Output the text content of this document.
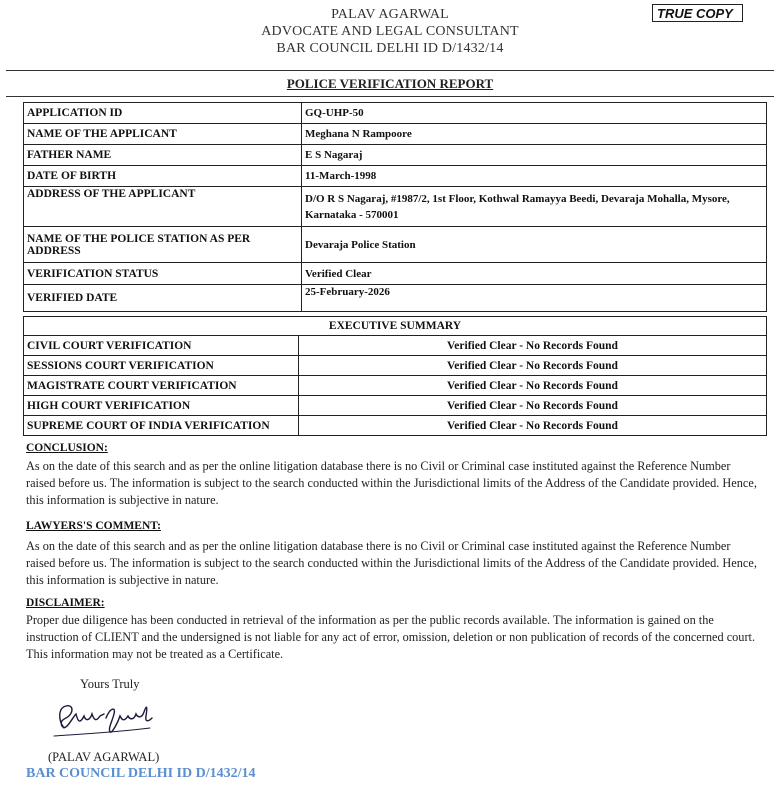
PALAV AGARWAL
ADVOCATE AND LEGAL CONSULTANT
BAR COUNCIL DELHI ID D/1432/14
TRUE COPY
POLICE VERIFICATION REPORT
APPLICATION ID	GQ-UHP-50
NAME OF THE APPLICANT	Meghana N Rampoore
FATHER NAME	E S Nagaraj
DATE OF BIRTH	11-March-1998
ADDRESS OF THE APPLICANT	D/O R S Nagaraj, #1987/2, 1st Floor, Kothwal Ramayya Beedi, Devaraja Mohalla, Mysore, Karnataka - 570001
NAME OF THE POLICE STATION AS PER ADDRESS	Devaraja Police Station
VERIFICATION STATUS	Verified Clear
VERIFIED DATE	25-February-2026
EXECUTIVE SUMMARY	
CIVIL COURT VERIFICATION	Verified Clear - No Records Found
SESSIONS COURT VERIFICATION	Verified Clear - No Records Found
MAGISTRATE COURT VERIFICATION	Verified Clear - No Records Found
HIGH COURT VERIFICATION	Verified Clear - No Records Found
SUPREME COURT OF INDIA VERIFICATION	Verified Clear - No Records Found
CONCLUSION:
As on the date of this search and as per the online litigation database there is no Civil or Criminal case instituted against the Reference Number raised before us. The information is subject to the search conducted within the Jurisdictional limits of the Address of the Candidate provided. Hence, this information is subjective in nature.
LAWYERS'S COMMENT:
As on the date of this search and as per the online litigation database there is no Civil or Criminal case instituted against the Reference Number raised before us. The information is subject to the search conducted within the Jurisdictional limits of the Address of the Candidate provided. Hence, this information is subjective in nature.
DISCLAIMER:
Proper due diligence has been conducted in retrieval of the information as per the public records available. The information is gained on the instruction of CLIENT and the undersigned is not liable for any act of error, omission, deletion or non publication of records of the concerned court. This information may not be treated as a Certificate.
Yours Truly
(PALAV AGARWAL)
BAR COUNCIL DELHI ID D/1432/14
